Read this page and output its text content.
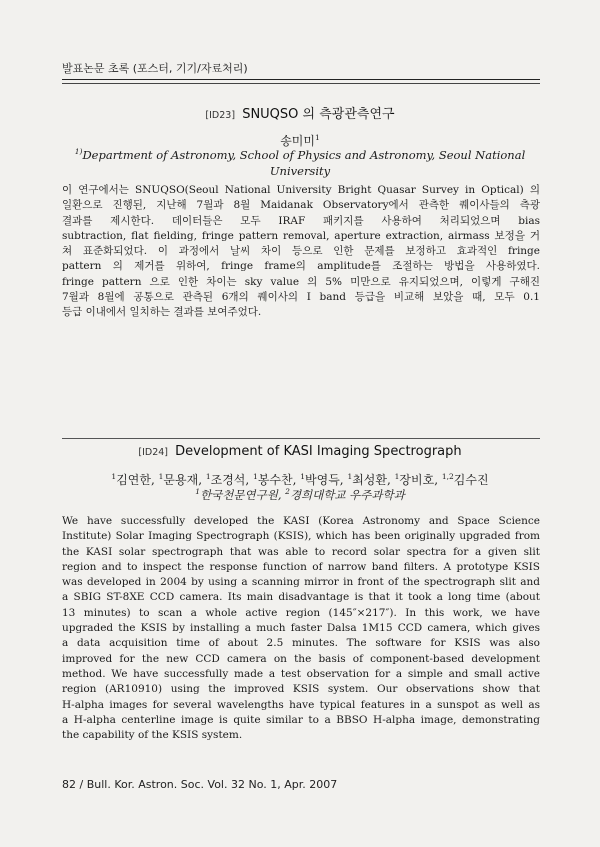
발표논문 초록 (포스터, 기기/자료처리)
[ID23] SNUQSO 의 측광관측연구
송미미$^1$
$^{1)}$Department of Astronomy, School of Physics and Astronomy, Seoul National
University
이 연구에서는 SNUQSO(Seoul National University Bright Quasar Survey in Optical) 의
일환으로 진행된, 지난해 7월과 8월 Maidanak Observatory에서 관측한 퀘이사들의 측광
결과를 제시한다. 데이터들은 모두 IRAF 패키지를 사용하여 처리되었으며 bias
subtraction, flat fielding, fringe pattern removal, aperture extraction, airmass 보정을 거
쳐 표준화되었다. 이 과정에서 날씨 차이 등으로 인한 문제를 보정하고 효과적인 fringe
pattern 의 제거를 위하여, fringe frame의 amplitude를 조절하는 방법을 사용하였다.
fringe pattern 으로 인한 차이는 sky value 의 5% 미만으로 유지되었으며, 이렇게 구해진
7월과 8월에 공통으로 관측된 6개의 퀘이사의 I band 등급을 비교해 보았을 때, 모두 0.1
등급 이내에서 일치하는 결과를 보여주었다.
[ID24] Development of KASI Imaging Spectrograph
$^1$김연한, $^1$문용재, $^1$조경석, $^1$봉수찬, $^1$박영득, $^1$최성환, $^1$장비호, $^{1,2}$김수진
$^1$한국천문연구원, $^2$경희대학교 우주과학과
We have successfully developed the KASI (Korea Astronomy and Space Science
Institute) Solar Imaging Spectrograph (KSIS), which has been originally upgraded from
the KASI solar spectrograph that was able to record solar spectra for a given slit
region and to inspect the response function of narrow band filters. A prototype KSIS
was developed in 2004 by using a scanning mirror in front of the spectrograph slit and
a SBIG ST-8XE CCD camera. Its main disadvantage is that it took a long time (about
13 minutes) to scan a whole active region (145″×217″). In this work, we have
upgraded the KSIS by installing a much faster Dalsa 1M15 CCD camera, which gives
a data acquisition time of about 2.5 minutes. The software for KSIS was also
improved for the new CCD camera on the basis of component-based development
method. We have successfully made a test observation for a simple and small active
region (AR10910) using the improved KSIS system. Our observations show that
H-alpha images for several wavelengths have typical features in a sunspot as well as
a H-alpha centerline image is quite similar to a BBSO H-alpha image, demonstrating
the capability of the KSIS system.
82 / Bull. Kor. Astron. Soc. Vol. 32 No. 1, Apr. 2007
